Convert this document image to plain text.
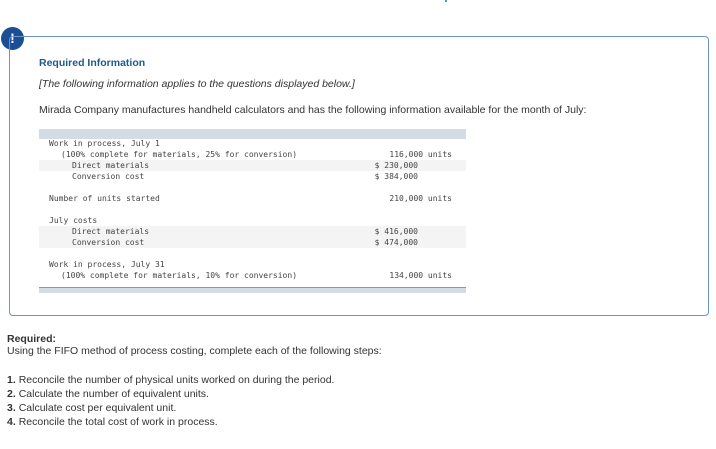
!
Required Information
[The following information applies to the questions displayed below.]
Mirada Company manufactures handheld calculators and has the following information available for the month of July:
Work in process, July 1
(100% complete for materials, 25% for conversion)	116,000 units
Direct materials	$ 230,000
Conversion cost	$ 384,000
Number of units started	210,000 units
July costs
Direct materials	$ 416,000
Conversion cost	$ 474,000
Work in process, July 31
(100% complete for materials, 10% for conversion)	134,000 units
Required:
Using the FIFO method of process costing, complete each of the following steps:
1. Reconcile the number of physical units worked on during the period.
2. Calculate the number of equivalent units.
3. Calculate cost per equivalent unit.
4. Reconcile the total cost of work in process.
